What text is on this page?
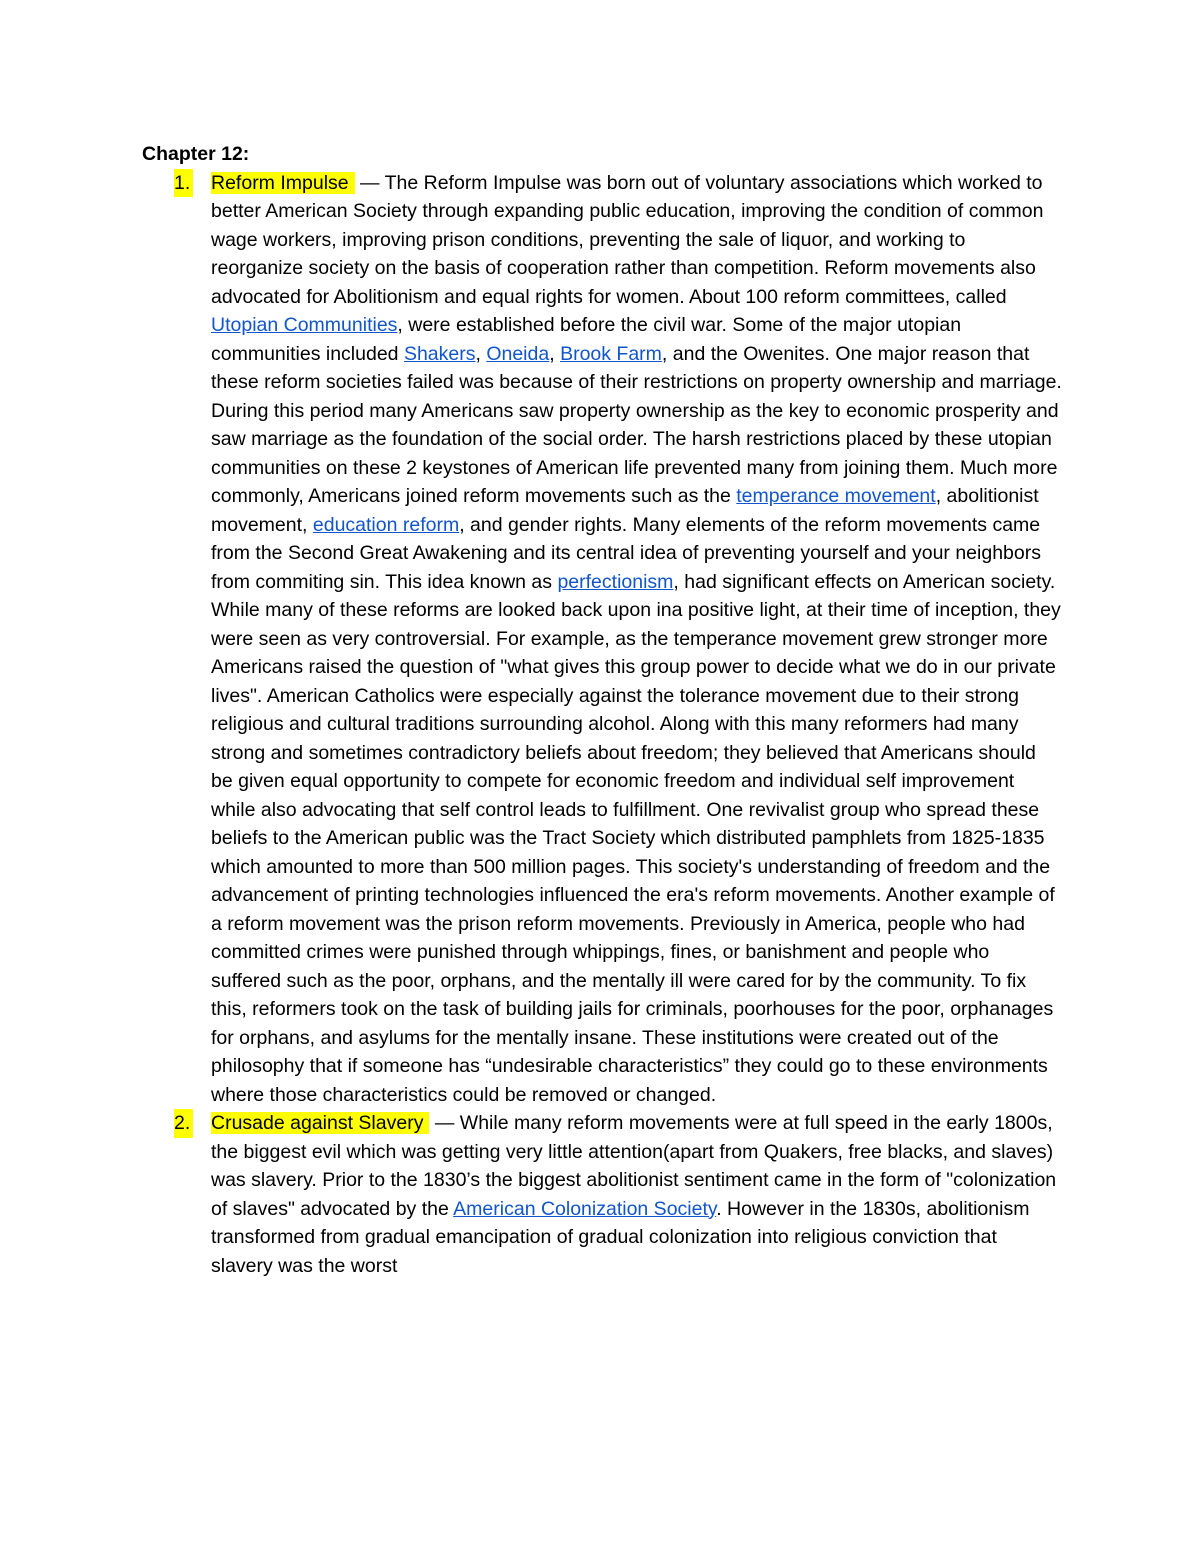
Chapter 12:

1. Reform Impulse — The Reform Impulse was born out of voluntary associations which worked to better American Society through expanding public education, improving the condition of common wage workers, improving prison conditions, preventing the sale of liquor, and working to reorganize society on the basis of cooperation rather than competition. Reform movements also advocated for Abolitionism and equal rights for women. About 100 reform committees, called Utopian Communities, were established before the civil war. Some of the major utopian communities included Shakers, Oneida, Brook Farm, and the Owenites. One major reason that these reform societies failed was because of their restrictions on property ownership and marriage. During this period many Americans saw property ownership as the key to economic prosperity and saw marriage as the foundation of the social order. The harsh restrictions placed by these utopian communities on these 2 keystones of American life prevented many from joining them. Much more commonly, Americans joined reform movements such as the temperance movement, abolitionist movement, education reform, and gender rights. Many elements of the reform movements came from the Second Great Awakening and its central idea of preventing yourself and your neighbors from commiting sin. This idea known as perfectionism, had significant effects on American society. While many of these reforms are looked back upon ina positive light, at their time of inception, they were seen as very controversial. For example, as the temperance movement grew stronger more Americans raised the question of "what gives this group power to decide what we do in our private lives". American Catholics were especially against the tolerance movement due to their strong religious and cultural traditions surrounding alcohol. Along with this many reformers had many strong and sometimes contradictory beliefs about freedom; they believed that Americans should be given equal opportunity to compete for economic freedom and individual self improvement while also advocating that self control leads to fulfillment. One revivalist group who spread these beliefs to the American public was the Tract Society which distributed pamphlets from 1825-1835 which amounted to more than 500 million pages. This society's understanding of freedom and the advancement of printing technologies influenced the era's reform movements. Another example of a reform movement was the prison reform movements. Previously in America, people who had committed crimes were punished through whippings, fines, or banishment and people who suffered such as the poor, orphans, and the mentally ill were cared for by the community. To fix this, reformers took on the task of building jails for criminals, poorhouses for the poor, orphanages for orphans, and asylums for the mentally insane. These institutions were created out of the philosophy that if someone has “undesirable characteristics” they could go to these environments where those characteristics could be removed or changed.
2. Crusade against Slavery — While many reform movements were at full speed in the early 1800s, the biggest evil which was getting very little attention(apart from Quakers, free blacks, and slaves) was slavery. Prior to the 1830’s the biggest abolitionist sentiment came in the form of "colonization of slaves" advocated by the American Colonization Society. However in the 1830s, abolitionism transformed from gradual emancipation of gradual colonization into religious conviction that slavery was the worst
